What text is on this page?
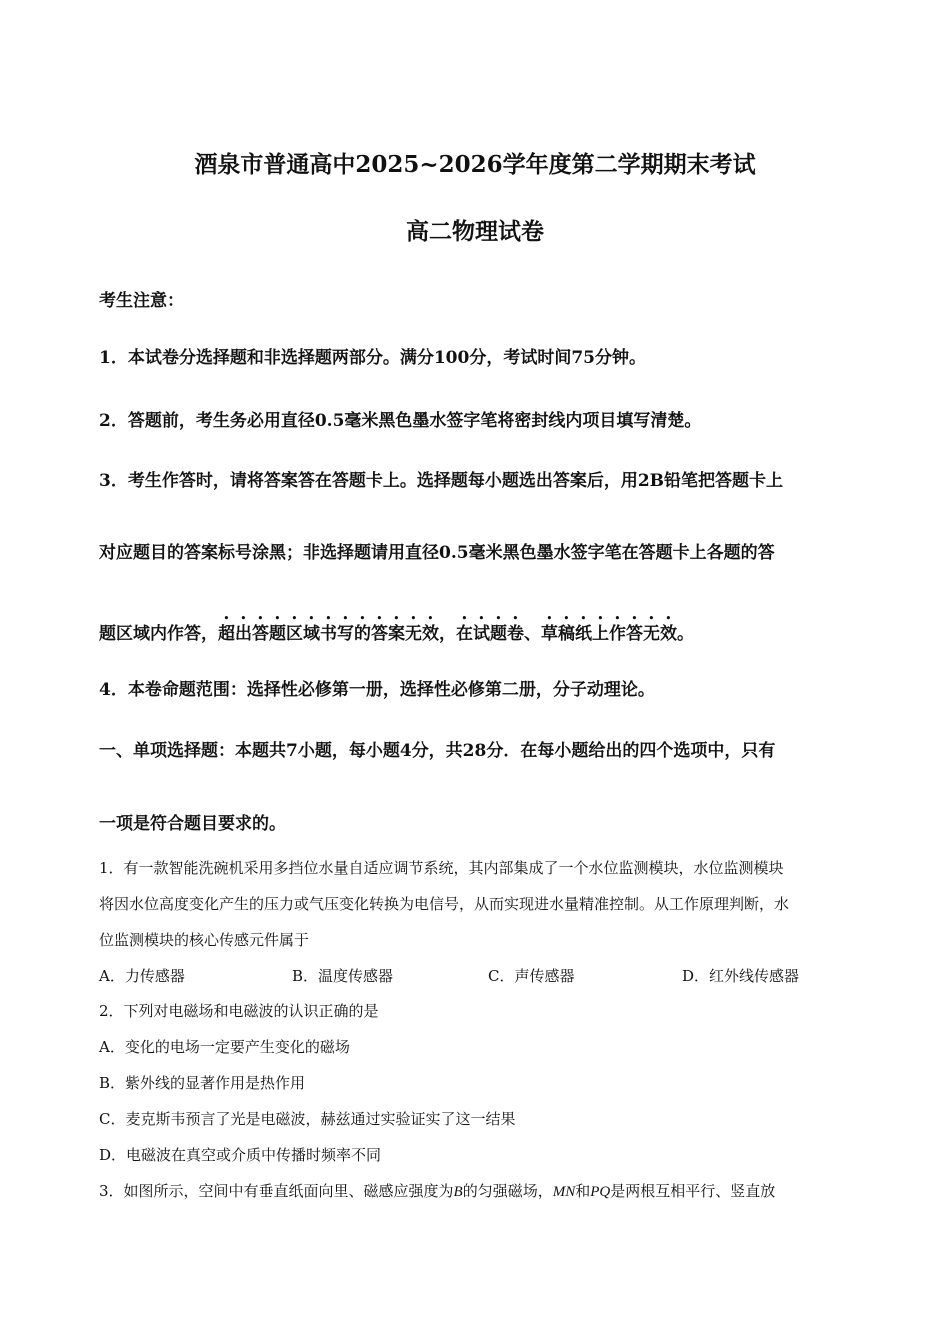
酒泉市普通高中2025~2026学年度第二学期期末考试
高二物理试卷
考生注意：
1．本试卷分选择题和非选择题两部分。满分100分，考试时间75分钟。
2．答题前，考生务必用直径0.5毫米黑色墨水签字笔将密封线内项目填写清楚。
3．考生作答时，请将答案答在答题卡上。选择题每小题选出答案后，用2B铅笔把答题卡上
对应题目的答案标号涂黑；非选择题请用直径0.5毫米黑色墨水签字笔在答题卡上各题的答
题区域内作答，超出答题区域书写的答案无效，在试题卷、草稿纸上作答无效。
4．本卷命题范围：选择性必修第一册，选择性必修第二册，分子动理论。
一、单项选择题：本题共7小题，每小题4分，共28分．在每小题给出的四个选项中，只有
一项是符合题目要求的。
1．有一款智能洗碗机采用多挡位水量自适应调节系统，其内部集成了一个水位监测模块，水位监测模块
将因水位高度变化产生的压力或气压变化转换为电信号，从而实现进水量精准控制。从工作原理判断，水
位监测模块的核心传感元件属于
A．力传感器	B．温度传感器	C．声传感器	D．红外线传感器
2．下列对电磁场和电磁波的认识正确的是
A．变化的电场一定要产生变化的磁场
B．紫外线的显著作用是热作用
C．麦克斯韦预言了光是电磁波，赫兹通过实验证实了这一结果
D．电磁波在真空或介质中传播时频率不同
3．如图所示，空间中有垂直纸面向里、磁感应强度为B的匀强磁场，MN和PQ是两根互相平行、竖直放
